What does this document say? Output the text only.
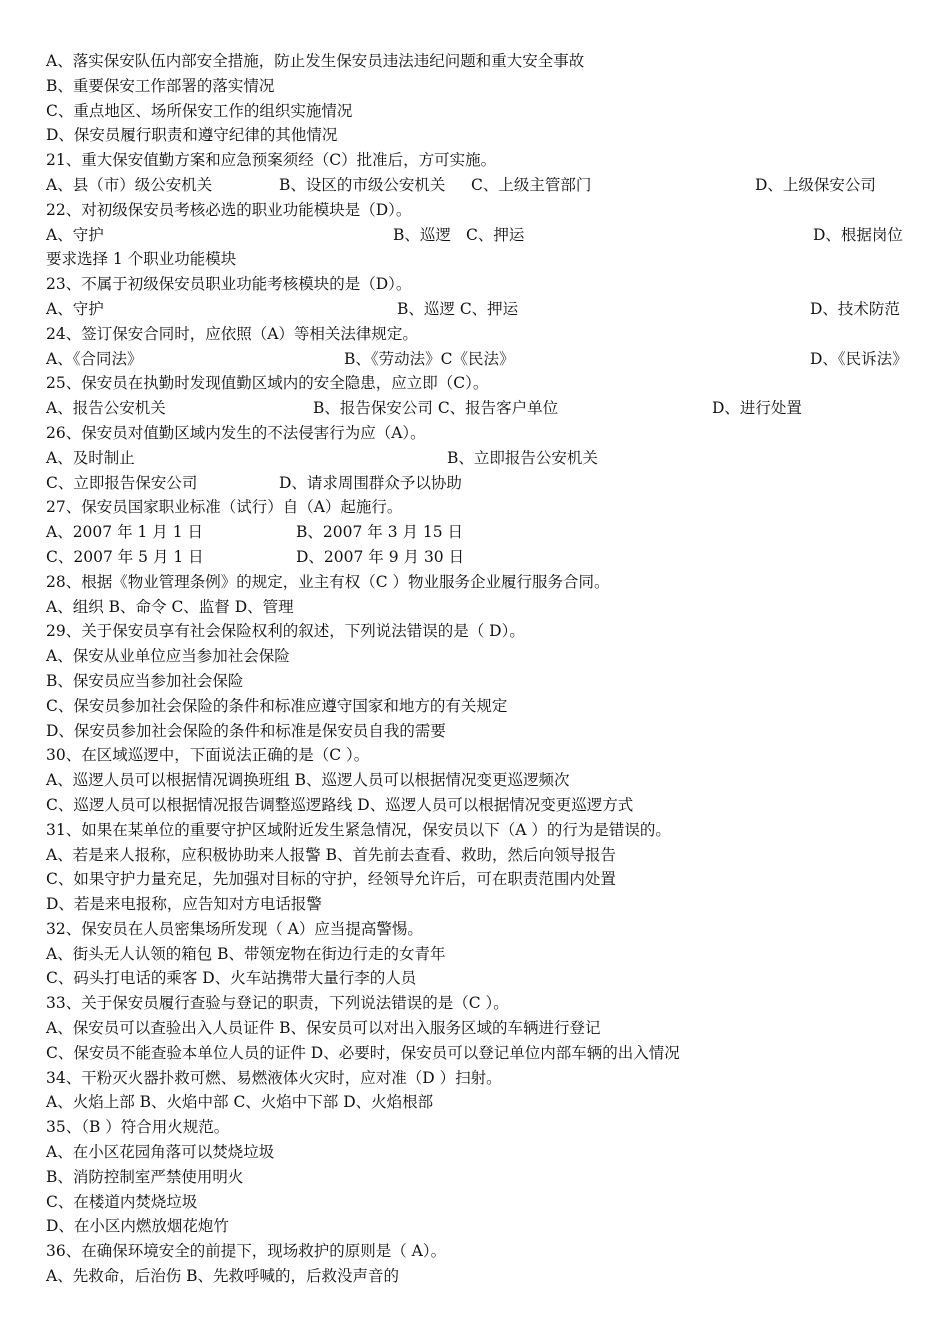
A、落实保安队伍内部安全措施，防止发生保安员违法违纪问题和重大安全事故
B、重要保安工作部署的落实情况
C、重点地区、场所保安工作的组织实施情况
D、保安员履行职责和遵守纪律的其他情况
21、重大保安值勤方案和应急预案须经（C）批准后，方可实施。
A、县（市）级公安机关	B、设区的市级公安机关 C、上级主管部门	D、上级保安公司
22、对初级保安员考核必选的职业功能模块是（D）。
A、守护	B、巡逻 C、押运	D、根据岗位
要求选择 1 个职业功能模块
23、不属于初级保安员职业功能考核模块的是（D）。
A、守护	B、巡逻 C、押运	D、技术防范
24、签订保安合同时，应依照（A）等相关法律规定。
A、《合同法》	B、《劳动法》C《民法》	D、《民诉法》
25、保安员在执勤时发现值勤区域内的安全隐患，应立即（C）。
A、报告公安机关	B、报告保安公司 C、报告客户单位	D、进行处置
26、保安员对值勤区域内发生的不法侵害行为应（A）。
A、及时制止	B、立即报告公安机关
C、立即报告保安公司	D、请求周围群众予以协助
27、保安员国家职业标准（试行）自（A）起施行。
A、2007 年 1 月 1 日	B、2007 年 3 月 15 日
C、2007 年 5 月 1 日	D、2007 年 9 月 30 日
28、根据《物业管理条例》的规定，业主有权（C ）物业服务企业履行服务合同。
A、组织 B、命令 C、监督 D、管理
29、关于保安员享有社会保险权利的叙述，下列说法错误的是（ D）。
A、保安从业单位应当参加社会保险
B、保安员应当参加社会保险
C、保安员参加社会保险的条件和标准应遵守国家和地方的有关规定
D、保安员参加社会保险的条件和标准是保安员自我的需要
30、在区域巡逻中，下面说法正确的是（C ）。
A、巡逻人员可以根据情况调换班组 B、巡逻人员可以根据情况变更巡逻频次
C、巡逻人员可以根据情况报告调整巡逻路线 D、巡逻人员可以根据情况变更巡逻方式
31、如果在某单位的重要守护区域附近发生紧急情况，保安员以下（A ）的行为是错误的。
A、若是来人报称，应积极协助来人报警 B、首先前去查看、救助，然后向领导报告
C、如果守护力量充足，先加强对目标的守护，经领导允许后，可在职责范围内处置
D、若是来电报称，应告知对方电话报警
32、保安员在人员密集场所发现（ A）应当提高警惕。
A、街头无人认领的箱包 B、带领宠物在街边行走的女青年
C、码头打电话的乘客 D、火车站携带大量行李的人员
33、关于保安员履行查验与登记的职责，下列说法错误的是（C ）。
A、保安员可以查验出入人员证件 B、保安员可以对出入服务区域的车辆进行登记
C、保安员不能查验本单位人员的证件 D、必要时，保安员可以登记单位内部车辆的出入情况
34、干粉灭火器扑救可燃、易燃液体火灾时，应对准（D ）扫射。
A、火焰上部 B、火焰中部 C、火焰中下部 D、火焰根部
35、（B ）符合用火规范。
A、在小区花园角落可以焚烧垃圾
B、消防控制室严禁使用明火
C、在楼道内焚烧垃圾
D、在小区内燃放烟花炮竹
36、在确保环境安全的前提下，现场救护的原则是（ A）。
A、先救命，后治伤 B、先救呼喊的，后救没声音的
